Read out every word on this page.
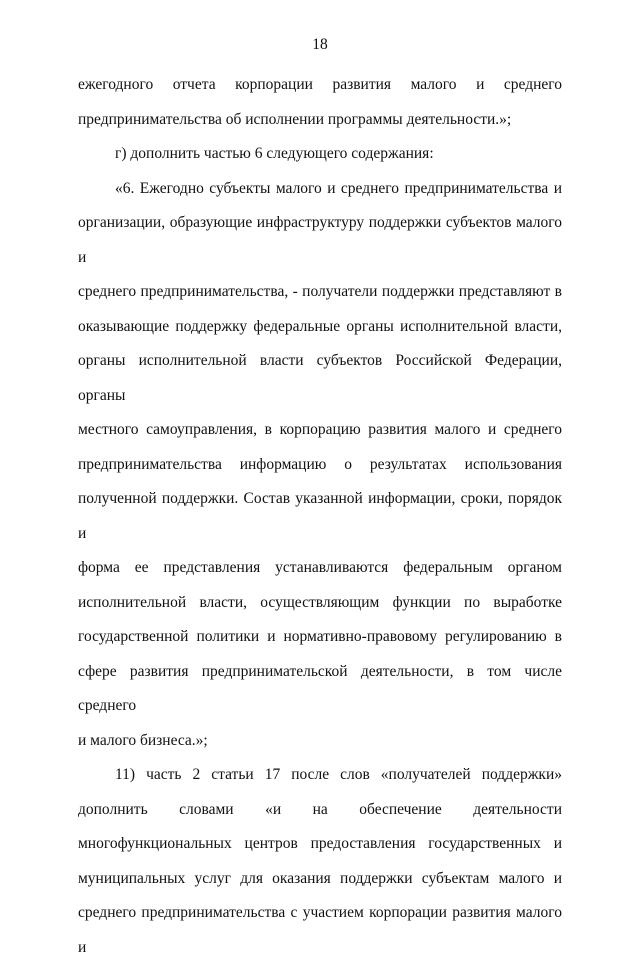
18

ежегодного отчета корпорации развития малого и среднего

предпринимательства об исполнении программы деятельности.»;

г) дополнить частью 6 следующего содержания:

«6. Ежегодно субъекты малого и среднего предпринимательства и

организации, образующие инфраструктуру поддержки субъектов малого и

среднего предпринимательства, - получатели поддержки представляют в

оказывающие поддержку федеральные органы исполнительной власти,

органы исполнительной власти субъектов Российской Федерации, органы

местного самоуправления, в корпорацию развития малого и среднего

предпринимательства информацию о результатах использования

полученной поддержки. Состав указанной информации, сроки, порядок и

форма ее представления устанавливаются федеральным органом

исполнительной власти, осуществляющим функции по выработке

государственной политики и нормативно-правовому регулированию в

сфере развития предпринимательской деятельности, в том числе среднего

и малого бизнеса.»;

11) часть 2 статьи 17 после слов «получателей поддержки»

дополнить словами «и на обеспечение деятельности

многофункциональных центров предоставления государственных и

муниципальных услуг для оказания поддержки субъектам малого и

среднего предпринимательства с участием корпорации развития малого и
